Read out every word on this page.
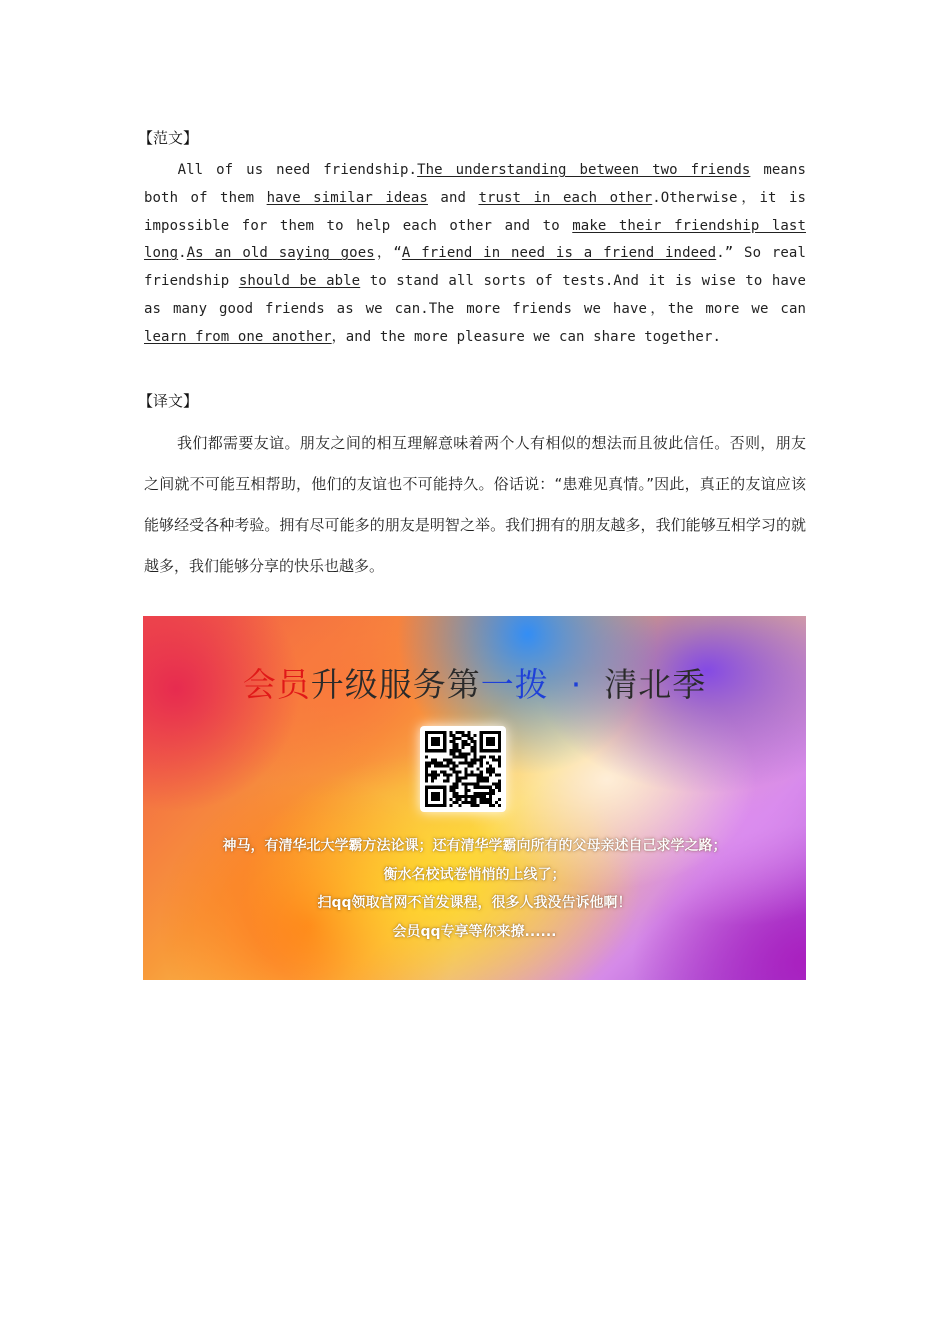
【范文】

All of us need friendship.The understanding between two friends means both of them have similar ideas and trust in each other.Otherwise，it is impossible for them to help each other and to make their friendship last long.As an old saying goes，“A friend in need is a friend indeed.” So real friendship should be able to stand all sorts of tests.And it is wise to have as many good friends as we can.The more friends we have，the more we can learn from one another，and the more pleasure we can share together.

【译文】

我们都需要友谊。朋友之间的相互理解意味着两个人有相似的想法而且彼此信任。否则，朋友之间就不可能互相帮助，他们的友谊也不可能持久。俗话说：“患难见真情。”因此，真正的友谊应该能够经受各种考验。拥有尽可能多的朋友是明智之举。我们拥有的朋友越多，我们能够互相学习的就越多，我们能够分享的快乐也越多。

会员升级服务第一拨 · 清北季
神马，有清华北大学霸方法论课；还有清华学霸向所有的父母亲述自己求学之路；
衡水名校试卷悄悄的上线了；
扫qq领取官网不首发课程，很多人我没告诉他啊！
会员qq专享等你来撩......
